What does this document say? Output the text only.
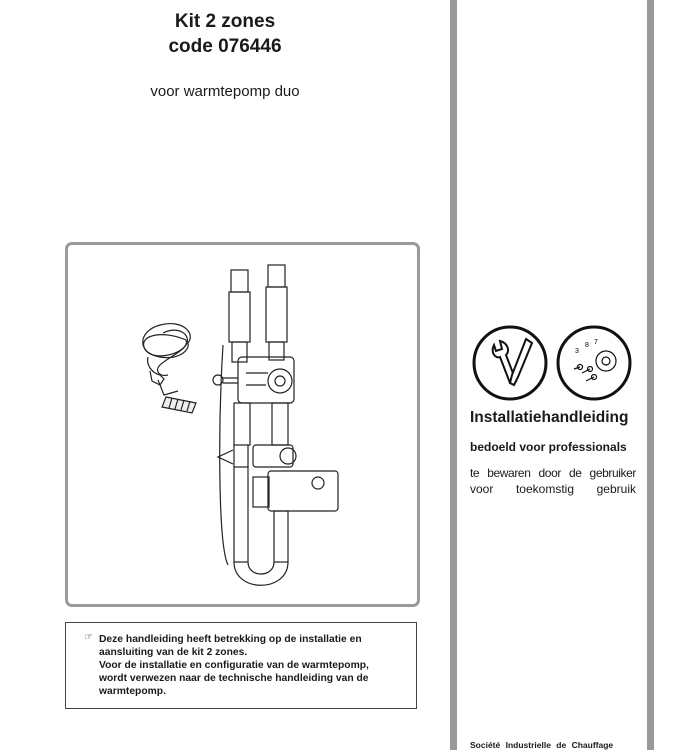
Kit 2 zones
code 076446
voor warmtepomp duo
☞ Deze handleiding heeft betrekking op de installatie en
aansluiting van de kit 2 zones.
Voor de installatie en configuratie van de warmtepomp,
wordt verwezen naar de technische handleiding van de
warmtepomp.
3
8 7
Installatiehandleiding
bedoeld voor professionals
te bewaren door de gebruiker
voor toekomstig gebruik
Société Industrielle de Chauffage
